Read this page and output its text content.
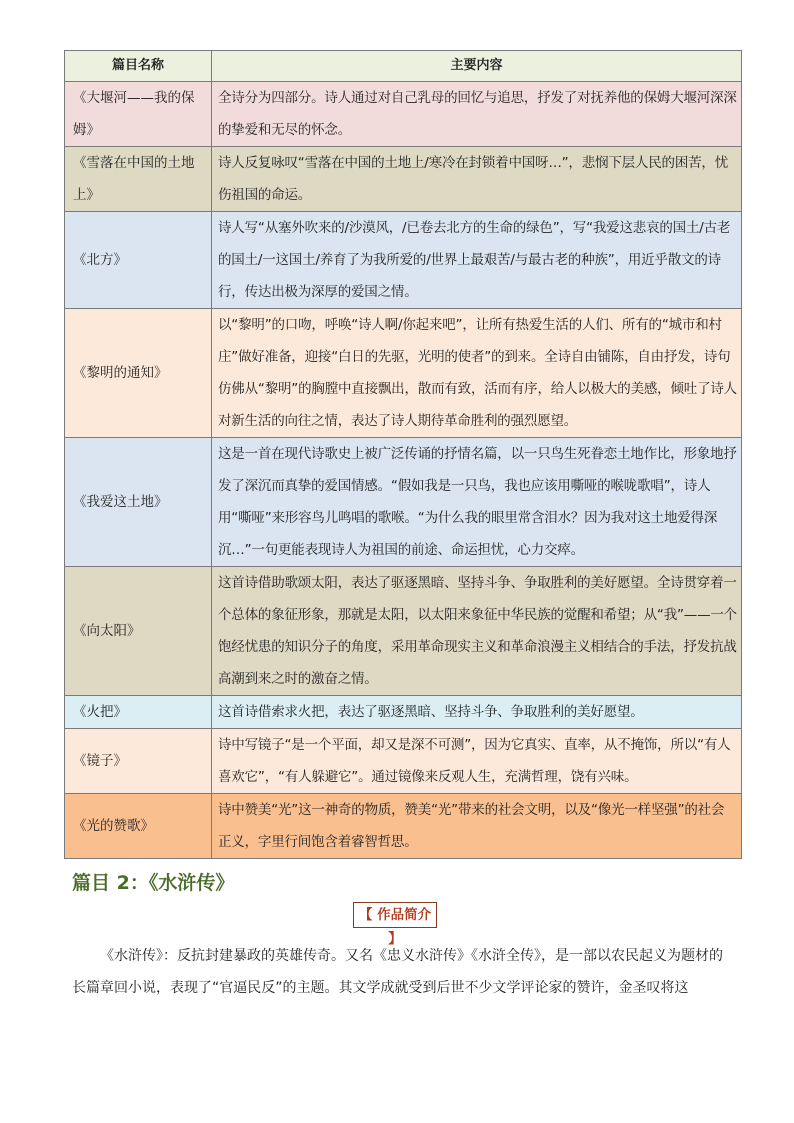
篇目名称	主要内容
《大堰河——我的保姆》	全诗分为四部分。诗人通过对自己乳母的回忆与追思，抒发了对抚养他的保姆大堰河深深的挚爱和无尽的怀念。
《雪落在中国的土地上》	诗人反复咏叹“雪落在中国的土地上/寒冷在封锁着中国呀…”，悲悯下层人民的困苦，忧伤祖国的命运。
《北方》	诗人写“从塞外吹来的/沙漠风，/已卷去北方的生命的绿色”，写“我爱这悲哀的国土/古老的国土/一这国土/养育了为我所爱的/世界上最艰苦/与最古老的种族”，用近乎散文的诗行，传达出极为深厚的爱国之情。
《黎明的通知》	以“黎明”的口吻，呼唤“诗人啊/你起来吧”，让所有热爱生活的人们、所有的“城市和村庄”做好准备，迎接“白日的先驱，光明的使者”的到来。全诗自由铺陈，自由抒发，诗句仿佛从“黎明”的胸膛中直接飘出，散而有致，活而有序，给人以极大的美感，倾吐了诗人对新生活的向往之情，表达了诗人期待革命胜利的强烈愿望。
《我爱这土地》	这是一首在现代诗歌史上被广泛传诵的抒情名篇，以一只鸟生死眷恋土地作比，形象地抒发了深沉而真挚的爱国情感。“假如我是一只鸟，我也应该用嘶哑的喉咙歌唱”，诗人用“嘶哑”来形容鸟儿鸣唱的歌喉。“为什么我的眼里常含泪水？因为我对这土地爱得深沉…”一句更能表现诗人为祖国的前途、命运担忧，心力交瘁。
《向太阳》	这首诗借助歌颂太阳，表达了驱逐黑暗、坚持斗争、争取胜利的美好愿望。全诗贯穿着一个总体的象征形象，那就是太阳，以太阳来象征中华民族的觉醒和希望；从“我”——一个饱经忧患的知识分子的角度，采用革命现实主义和革命浪漫主义相结合的手法，抒发抗战高潮到来之时的激奋之情。
《火把》	这首诗借索求火把，表达了驱逐黑暗、坚持斗争、争取胜利的美好愿望。
《镜子》	诗中写镜子“是一个平面，却又是深不可测”，因为它真实、直率，从不掩饰，所以“有人喜欢它”，“有人躲避它”。通过镜像来反观人生，充满哲理，饶有兴味。
《光的赞歌》	诗中赞美“光”这一神奇的物质，赞美“光”带来的社会文明，以及“像光一样坚强”的社会正义，字里行间饱含着睿智哲思。
篇目 2：《水浒传》
【 作品简介 】

《水浒传》：反抗封建暴政的英雄传奇。又名《忠义水浒传》《水浒全传》，是一部以农民起义为题材的长篇章回小说，表现了“官逼民反”的主题。其文学成就受到后世不少文学评论家的赞许，金圣叹将这
